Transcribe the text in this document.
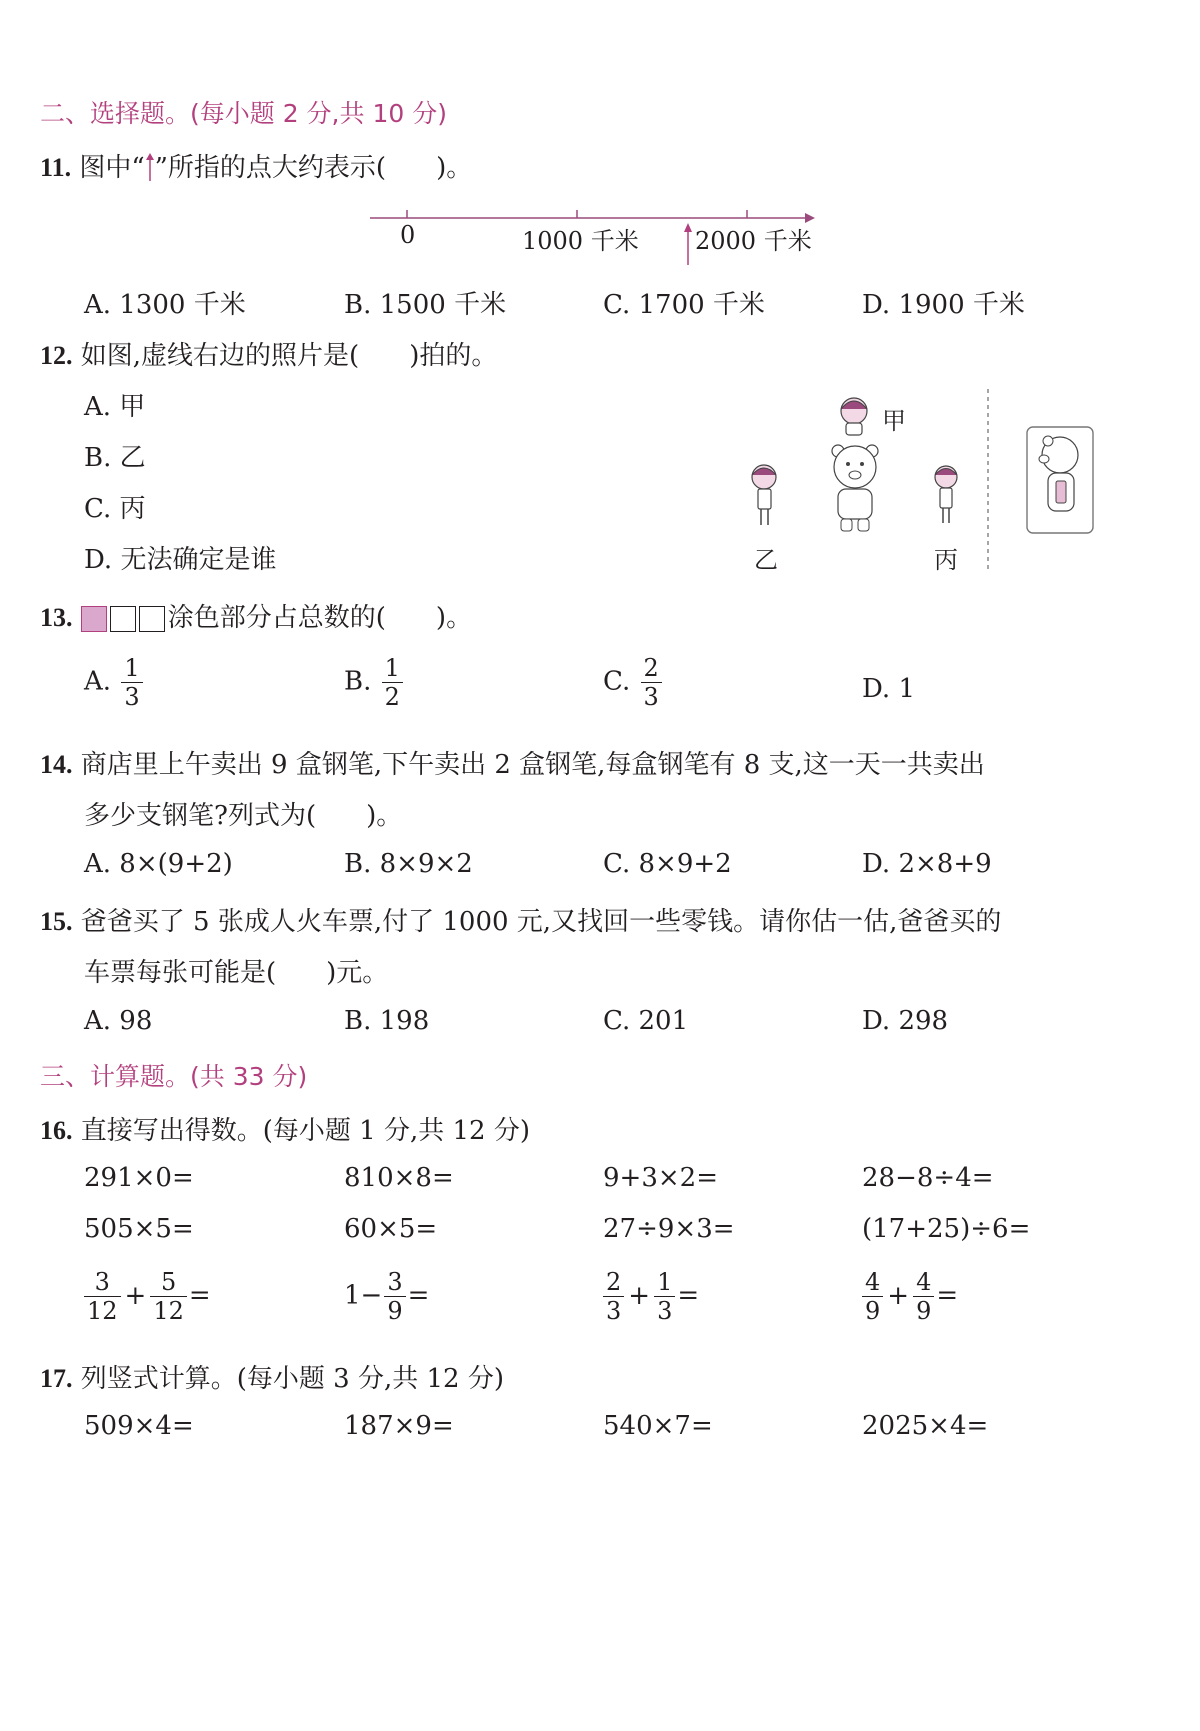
二、选择题。(每小题 2 分,共 10 分)
11. 图中“ ”所指的点大约表示( )。
0	1000 千米 2000 千米
A. 1300 千米	B. 1500 千米	C. 1700 千米	D. 1900 千米
12. 如图,虚线右边的照片是( )拍的。
A. 甲
B. 乙
C. 丙
D. 无法确定是谁
甲
乙	丙
13.	涂色部分占总数的( )。
A. $\frac{1}{3}$	B. $\frac{1}{2}$	C. $\frac{2}{3}$	D. 1
14. 商店里上午卖出 9 盒钢笔,下午卖出 2 盒钢笔,每盒钢笔有 8 支,这一天一共卖出
多少支钢笔?列式为( )。
A. 8×(9+2)	B. 8×9×2	C. 8×9+2	D. 2×8+9
15. 爸爸买了 5 张成人火车票,付了 1000 元,又找回一些零钱。请你估一估,爸爸买的
车票每张可能是( )元。
A. 98	B. 198	C. 201	D. 298
三、计算题。(共 33 分)
16. 直接写出得数。(每小题 1 分,共 12 分)
291×0=	810×8=	9+3×2=	28−8÷4=
505×5=	60×5=	27÷9×3=	(17+25)÷6=
$\frac{3}{12} + \frac{5}{12}$ =	$1- \frac{3}{9}$ =	$\frac{2}{3} + \frac{1}{3}$ =	$\frac{4}{9} + \frac{4}{9}$ =
17. 列竖式计算。(每小题 3 分,共 12 分)
509×4=	187×9=	540×7=	2025×4=
